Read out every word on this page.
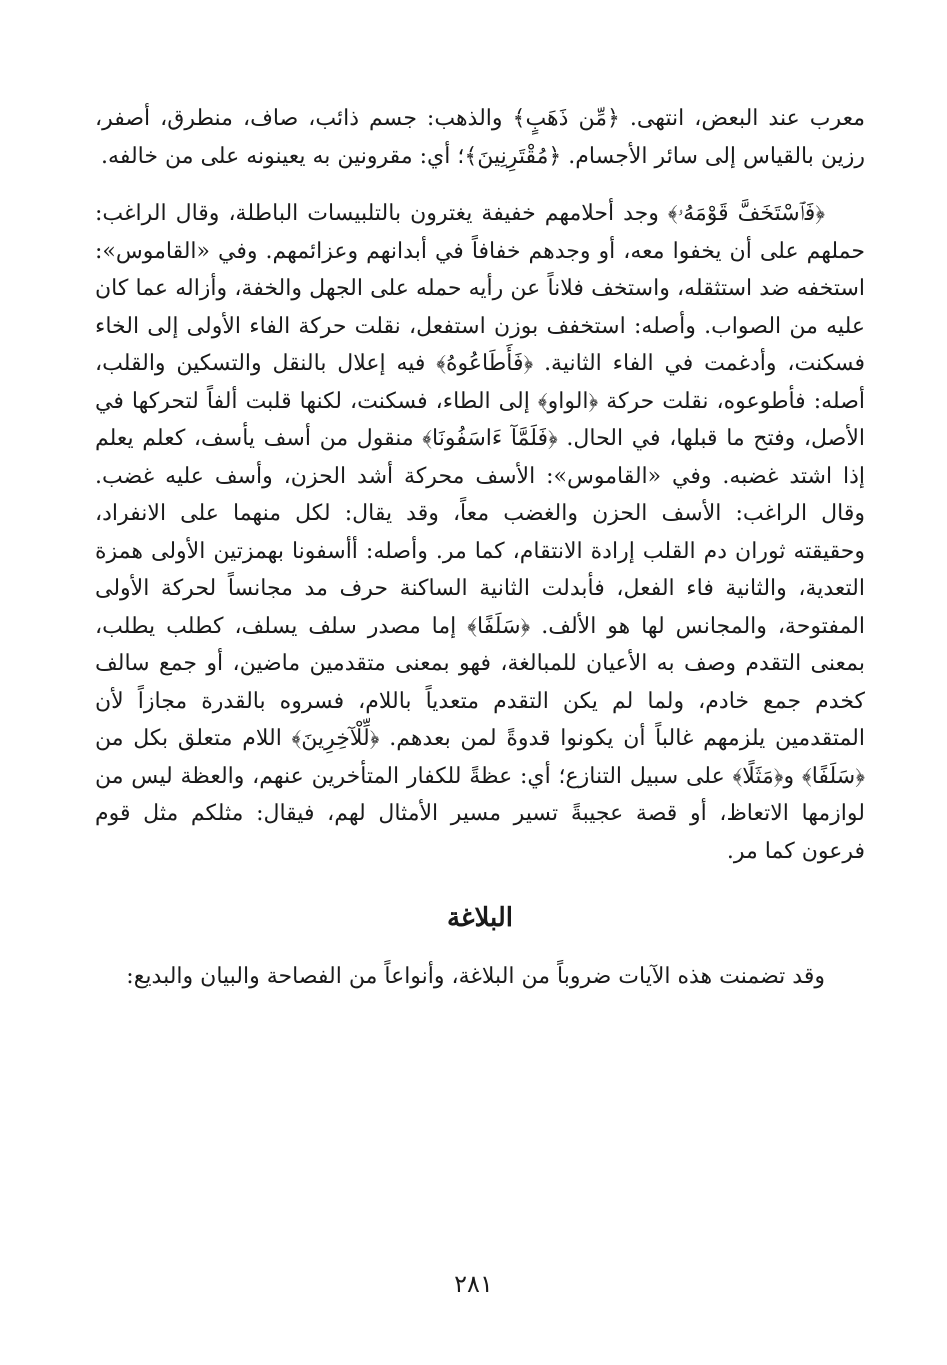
معرب عند البعض، انتهى. ﴿مِّن ذَهَبٍ﴾ والذهب: جسم ذائب، صاف، منطرق، أصفر، رزين بالقياس إلى سائر الأجسام. ﴿مُقْتَرِنِينَ﴾؛ أي: مقرونين به يعينونه على من خالفه.

﴿فَٱسْتَخَفَّ قَوْمَهُۥ﴾ وجد أحلامهم خفيفة يغترون بالتلبيسات الباطلة، وقال الراغب: حملهم على أن يخفوا معه، أو وجدهم خفافاً في أبدانهم وعزائمهم. وفي «القاموس»: استخفه ضد استثقله، واستخف فلاناً عن رأيه حمله على الجهل والخفة، وأزاله عما كان عليه من الصواب. وأصله: استخفف بوزن استفعل، نقلت حركة الفاء الأولى إلى الخاء فسكنت، وأدغمت في الفاء الثانية. ﴿فَأَطَاعُوهُ﴾ فيه إعلال بالنقل والتسكين والقلب، أصله: فأطوعوه، نقلت حركة ﴿الواو﴾ إلى الطاء، فسكنت، لكنها قلبت ألفاً لتحركها في الأصل، وفتح ما قبلها، في الحال. ﴿فَلَمَّآ ءَاسَفُونَا﴾ منقول من أسف يأسف، كعلم يعلم إذا اشتد غضبه. وفي «القاموس»: الأسف محركة أشد الحزن، وأسف عليه غضب. وقال الراغب: الأسف الحزن والغضب معاً، وقد يقال: لكل منهما على الانفراد، وحقيقته ثوران دم القلب إرادة الانتقام، كما مر. وأصله: أأسفونا بهمزتين الأولى همزة التعدية، والثانية فاء الفعل، فأبدلت الثانية الساكنة حرف مد مجانساً لحركة الأولى المفتوحة، والمجانس لها هو الألف. ﴿سَلَفًا﴾ إما مصدر سلف يسلف، كطلب يطلب، بمعنى التقدم وصف به الأعيان للمبالغة، فهو بمعنى متقدمين ماضين، أو جمع سالف كخدم جمع خادم، ولما لم يكن التقدم متعدياً باللام، فسروه بالقدرة مجازاً لأن المتقدمين يلزمهم غالباً أن يكونوا قدوةً لمن بعدهم. ﴿لِّلْآخِرِينَ﴾ اللام متعلق بكل من ﴿سَلَفًا﴾ و﴿مَثَلًا﴾ على سبيل التنازع؛ أي: عظةً للكفار المتأخرين عنهم، والعظة ليس من لوازمها الاتعاظ، أو قصة عجيبةً تسير مسير الأمثال لهم، فيقال: مثلكم مثل قوم فرعون كما مر.

البلاغة

وقد تضمنت هذه الآيات ضروباً من البلاغة، وأنواعاً من الفصاحة والبيان والبديع:

٢٨١
